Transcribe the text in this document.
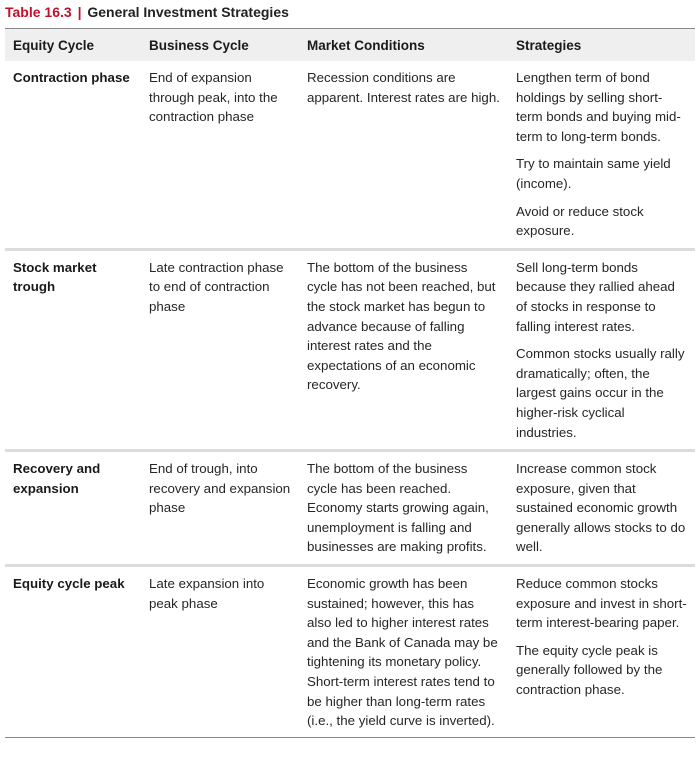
Table 16.3 | General Investment Strategies
Equity Cycle	Business Cycle	Market Conditions	Strategies
Contraction phase	End of expansion through peak, into the contraction phase	Recession conditions are apparent. Interest rates are high.	Lengthen term of bond holdings by selling short-term bonds and buying mid-term to long-term bonds.

Try to maintain same yield (income).

Avoid or reduce stock exposure.

Stock market trough	Late contraction phase to end of contraction phase	The bottom of the business cycle has not been reached, but the stock market has begun to advance because of falling interest rates and the expectations of an economic recovery.	Sell long-term bonds because they rallied ahead of stocks in response to falling interest rates.

Common stocks usually rally dramatically; often, the largest gains occur in the higher-risk cyclical industries.

Recovery and expansion	End of trough, into recovery and expansion phase	The bottom of the business cycle has been reached. Economy starts growing again, unemployment is falling and businesses are making profits.	Increase common stock exposure, given that sustained economic growth generally allows stocks to do well.

Equity cycle peak	Late expansion into peak phase	Economic growth has been sustained; however, this has also led to higher interest rates and the Bank of Canada may be tightening its monetary policy. Short-term interest rates tend to be higher than long-term rates (i.e., the yield curve is inverted).	Reduce common stocks exposure and invest in short-term interest-bearing paper.

The equity cycle peak is generally followed by the contraction phase.
